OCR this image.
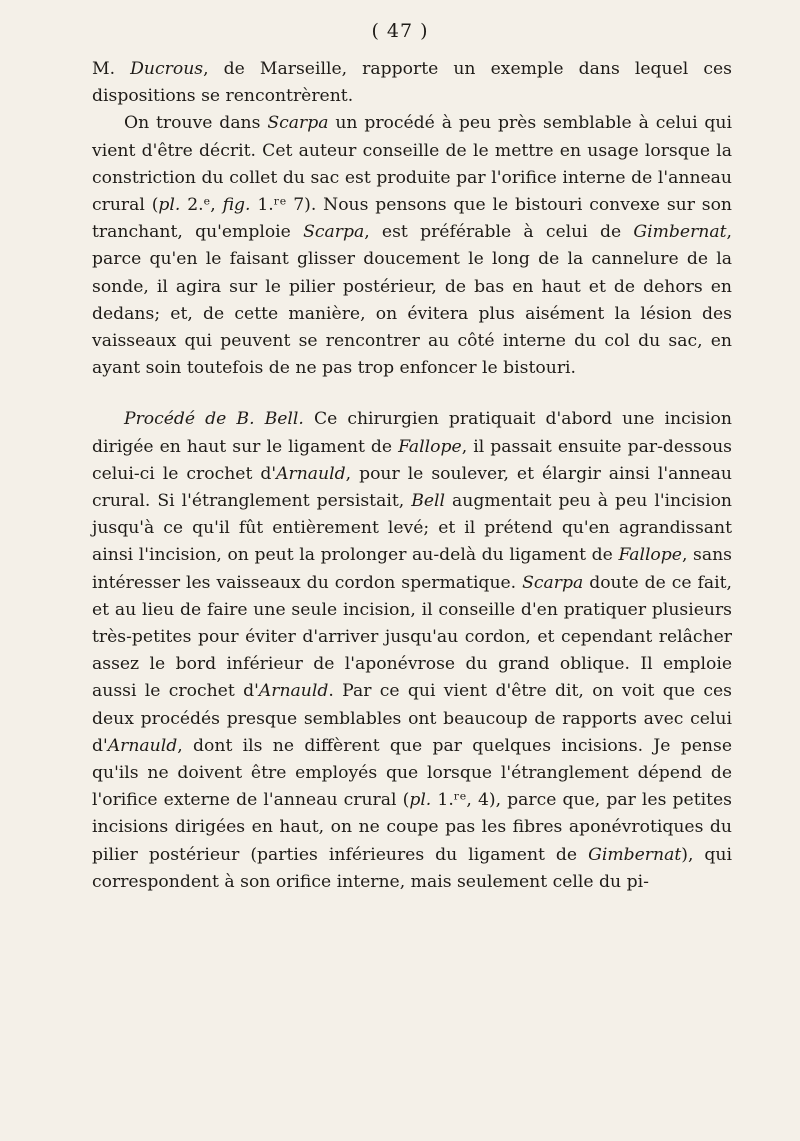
( 47 )

M. Ducrous, de Marseille, rapporte un exemple dans lequel ces dispositions se rencontrèrent.

On trouve dans Scarpa un procédé à peu près semblable à celui qui vient d'être décrit. Cet auteur conseille de le mettre en usage lorsque la constriction du collet du sac est produite par l'orifice interne de l'anneau crural (pl. 2.ᵉ, fig. 1.ʳᵉ 7). Nous pensons que le bistouri convexe sur son tranchant, qu'emploie Scarpa, est préférable à celui de Gimbernat, parce qu'en le faisant glisser doucement le long de la cannelure de la sonde, il agira sur le pilier postérieur, de bas en haut et de dehors en dedans; et, de cette manière, on évitera plus aisément la lésion des vaisseaux qui peuvent se rencontrer au côté interne du col du sac, en ayant soin toutefois de ne pas trop enfoncer le bistouri.

Procédé de B. Bell. Ce chirurgien pratiquait d'abord une incision dirigée en haut sur le ligament de Fallope, il passait ensuite par-dessous celui-ci le crochet d'Arnauld, pour le soulever, et élargir ainsi l'anneau crural. Si l'étranglement persistait, Bell augmentait peu à peu l'incision jusqu'à ce qu'il fût entièrement levé; et il prétend qu'en agrandissant ainsi l'incision, on peut la prolonger au-delà du ligament de Fallope, sans intéresser les vaisseaux du cordon spermatique. Scarpa doute de ce fait, et au lieu de faire une seule incision, il conseille d'en pratiquer plusieurs très-petites pour éviter d'arriver jusqu'au cordon, et cependant relâcher assez le bord inférieur de l'aponévrose du grand oblique. Il emploie aussi le crochet d'Arnauld. Par ce qui vient d'être dit, on voit que ces deux procédés presque semblables ont beaucoup de rapports avec celui d'Arnauld, dont ils ne diffèrent que par quelques incisions. Je pense qu'ils ne doivent être employés que lorsque l'étranglement dépend de l'orifice externe de l'anneau crural (pl. 1.ʳᵉ, 4), parce que, par les petites incisions dirigées en haut, on ne coupe pas les fibres aponévrotiques du pilier postérieur (parties inférieures du ligament de Gimbernat), qui correspondent à son orifice interne, mais seulement celle du pi-
